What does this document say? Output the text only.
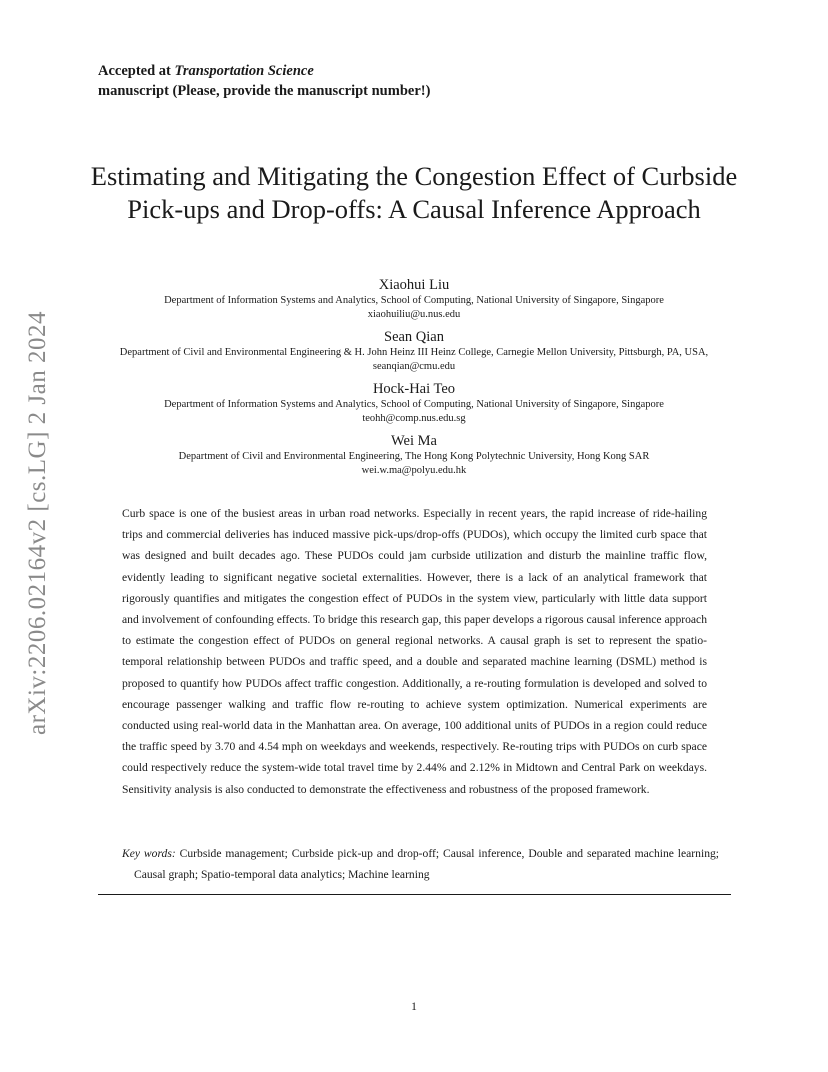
arXiv:2206.02164v2 [cs.LG] 2 Jan 2024
Accepted at Transportation Science
manuscript (Please, provide the manuscript number!)
Estimating and Mitigating the Congestion Effect of Curbside Pick-ups and Drop-offs: A Causal Inference Approach
Xiaohui Liu
Department of Information Systems and Analytics, School of Computing, National University of Singapore, Singapore
xiaohuiliu@u.nus.edu
Sean Qian
Department of Civil and Environmental Engineering & H. John Heinz III Heinz College, Carnegie Mellon University, Pittsburgh, PA, USA, seanqian@cmu.edu
Hock-Hai Teo
Department of Information Systems and Analytics, School of Computing, National University of Singapore, Singapore
teohh@comp.nus.edu.sg
Wei Ma
Department of Civil and Environmental Engineering, The Hong Kong Polytechnic University, Hong Kong SAR
wei.w.ma@polyu.edu.hk

Curb space is one of the busiest areas in urban road networks. Especially in recent years, the rapid increase of ride-hailing trips and commercial deliveries has induced massive pick-ups/drop-offs (PUDOs), which occupy the limited curb space that was designed and built decades ago. These PUDOs could jam curbside utilization and disturb the mainline traffic flow, evidently leading to significant negative societal externalities. However, there is a lack of an analytical framework that rigorously quantifies and mitigates the congestion effect of PUDOs in the system view, particularly with little data support and involvement of confounding effects. To bridge this research gap, this paper develops a rigorous causal inference approach to estimate the congestion effect of PUDOs on general regional networks. A causal graph is set to represent the spatio-temporal relationship between PUDOs and traffic speed, and a double and separated machine learning (DSML) method is proposed to quantify how PUDOs affect traffic congestion. Additionally, a re-routing formulation is developed and solved to encourage passenger walking and traffic flow re-routing to achieve system optimization. Numerical experiments are conducted using real-world data in the Manhattan area. On average, 100 additional units of PUDOs in a region could reduce the traffic speed by 3.70 and 4.54 mph on weekdays and weekends, respectively. Re-routing trips with PUDOs on curb space could respectively reduce the system-wide total travel time by 2.44% and 2.12% in Midtown and Central Park on weekdays. Sensitivity analysis is also conducted to demonstrate the effectiveness and robustness of the proposed framework.

Key words: Curbside management; Curbside pick-up and drop-off; Causal inference, Double and separated machine learning; Causal graph; Spatio-temporal data analytics; Machine learning
1
